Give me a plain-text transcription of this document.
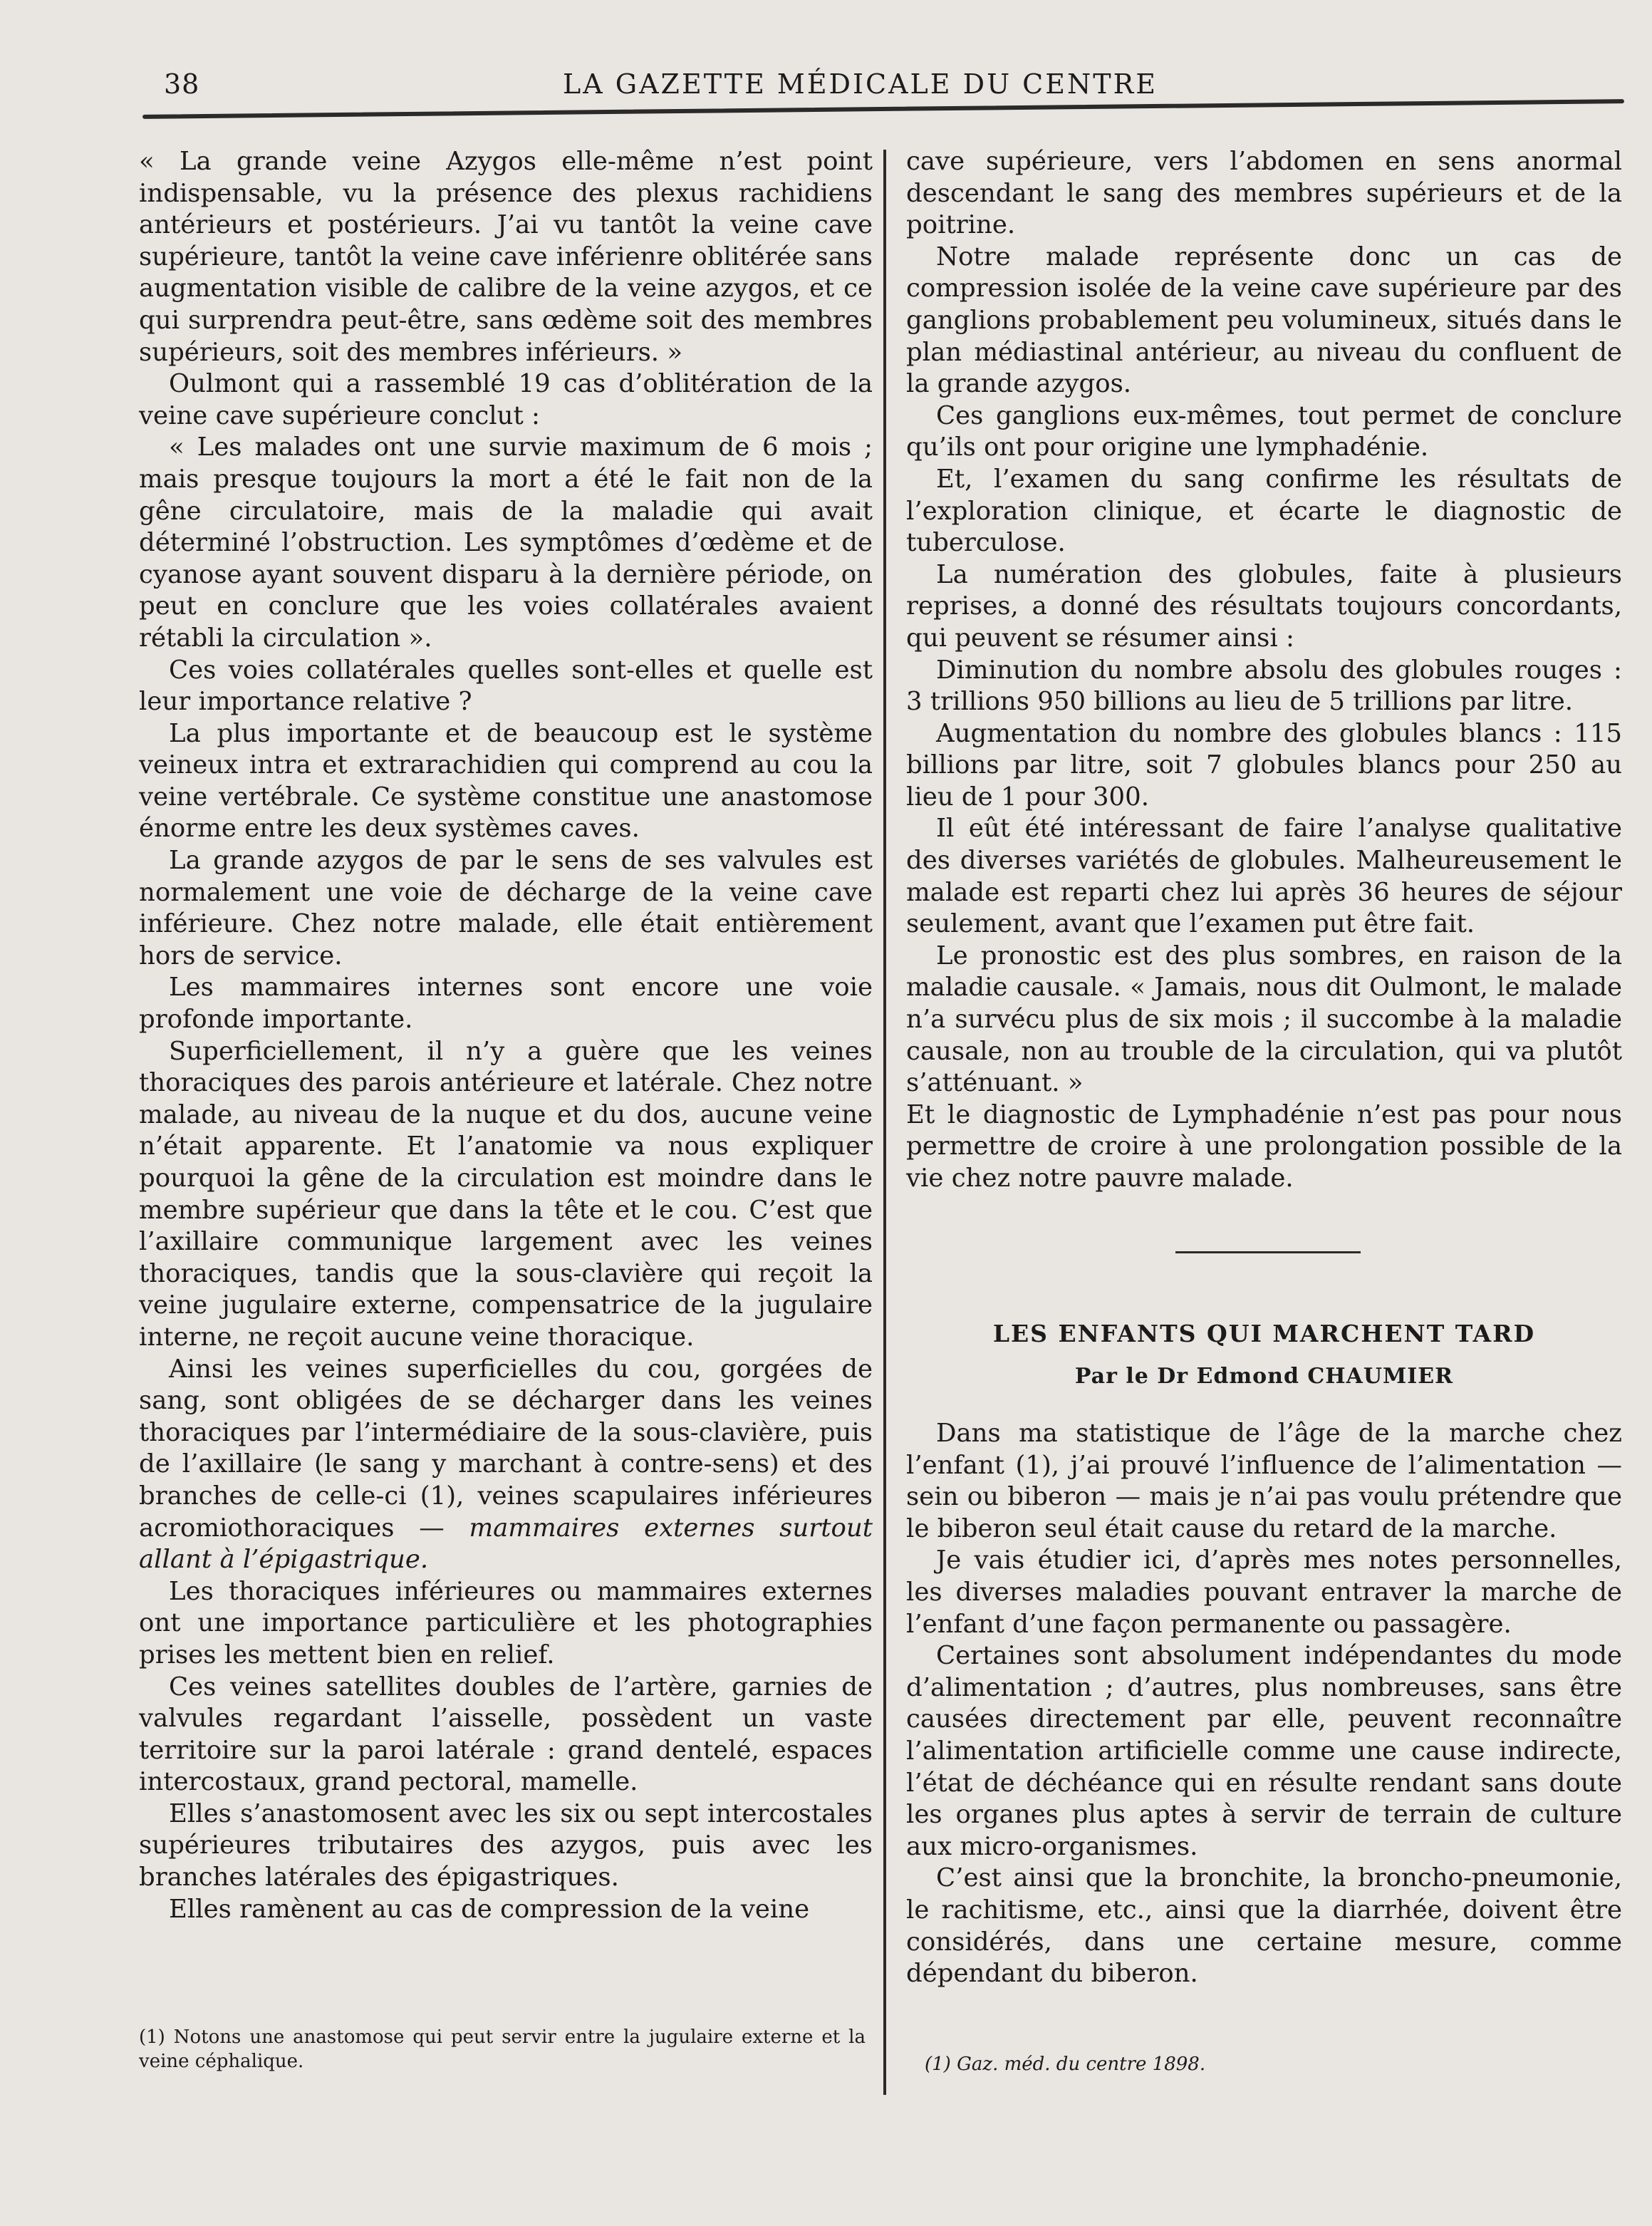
38	LA GAZETTE MÉDICALE DU CENTRE

« La grande veine Azygos elle-même n’est point indispensable, vu la présence des plexus rachidiens antérieurs et postérieurs. J’ai vu tantôt la veine cave supérieure, tantôt la veine cave inférienre oblitérée sans augmentation visible de calibre de la veine azygos, et ce qui surprendra peut-être, sans œdème soit des membres supérieurs, soit des membres inférieurs. »

Oulmont qui a rassemblé 19 cas d’oblitération de la veine cave supérieure conclut :

« Les malades ont une survie maximum de 6 mois ; mais presque toujours la mort a été le fait non de la gêne circulatoire, mais de la maladie qui avait déterminé l’obstruction. Les symptômes d’œdème et de cyanose ayant souvent disparu à la dernière période, on peut en conclure que les voies collatérales avaient rétabli la circulation ».

Ces voies collatérales quelles sont-elles et quelle est leur importance relative ?

La plus importante et de beaucoup est le système veineux intra et extrarachidien qui comprend au cou la veine vertébrale. Ce système constitue une anastomose énorme entre les deux systèmes caves.

La grande azygos de par le sens de ses valvules est normalement une voie de décharge de la veine cave inférieure. Chez notre malade, elle était entièrement hors de service.

Les mammaires internes sont encore une voie profonde importante.

Superficiellement, il n’y a guère que les veines thoraciques des parois antérieure et latérale. Chez notre malade, au niveau de la nuque et du dos, aucune veine n’était apparente. Et l’anatomie va nous expliquer pourquoi la gêne de la circulation est moindre dans le membre supérieur que dans la tête et le cou. C’est que l’axillaire communique largement avec les veines thoraciques, tandis que la sous-clavière qui reçoit la veine jugulaire externe, compensatrice de la jugulaire interne, ne reçoit aucune veine thoracique.

Ainsi les veines superficielles du cou, gorgées de sang, sont obligées de se décharger dans les veines thoraciques par l’intermédiaire de la sous-clavière, puis de l’axillaire (le sang y marchant à contre-sens) et des branches de celle-ci (1), veines scapulaires inférieures acromiothoraciques — mammaires externes surtout allant à l’épigastrique.

Les thoraciques inférieures ou mammaires externes ont une importance particulière et les photographies prises les mettent bien en relief.

Ces veines satellites doubles de l’artère, garnies de valvules regardant l’aisselle, possèdent un vaste territoire sur la paroi latérale : grand dentelé, espaces intercostaux, grand pectoral, mamelle.

Elles s’anastomosent avec les six ou sept intercostales supérieures tributaires des azygos, puis avec les branches latérales des épigastriques.

Elles ramènent au cas de compression de la veine

(1) Notons une anastomose qui peut servir entre la jugulaire externe et la veine céphalique.

cave supérieure, vers l’abdomen en sens anormal descendant le sang des membres supérieurs et de la poitrine.

Notre malade représente donc un cas de compression isolée de la veine cave supérieure par des ganglions probablement peu volumineux, situés dans le plan médiastinal antérieur, au niveau du confluent de la grande azygos.

Ces ganglions eux-mêmes, tout permet de conclure qu’ils ont pour origine une lymphadénie.

Et, l’examen du sang confirme les résultats de l’exploration clinique, et écarte le diagnostic de tuberculose.

La numération des globules, faite à plusieurs reprises, a donné des résultats toujours concordants, qui peuvent se résumer ainsi :

Diminution du nombre absolu des globules rouges : 3 trillions 950 billions au lieu de 5 trillions par litre.

Augmentation du nombre des globules blancs : 115 billions par litre, soit 7 globules blancs pour 250 au lieu de 1 pour 300.

Il eût été intéressant de faire l’analyse qualitative des diverses variétés de globules. Malheureusement le malade est reparti chez lui après 36 heures de séjour seulement, avant que l’examen put être fait.

Le pronostic est des plus sombres, en raison de la maladie causale. « Jamais, nous dit Oulmont, le malade n’a survécu plus de six mois ; il succombe à la maladie causale, non au trouble de la circulation, qui va plutôt s’atténuant. »

Et le diagnostic de Lymphadénie n’est pas pour nous permettre de croire à une prolongation possible de la vie chez notre pauvre malade.

LES ENFANTS QUI MARCHENT TARD
Par le Dr Edmond CHAUMIER

Dans ma statistique de l’âge de la marche chez l’enfant (1), j’ai prouvé l’influence de l’alimentation — sein ou biberon — mais je n’ai pas voulu prétendre que le biberon seul était cause du retard de la marche.

Je vais étudier ici, d’après mes notes personnelles, les diverses maladies pouvant entraver la marche de l’enfant d’une façon permanente ou passagère.

Certaines sont absolument indépendantes du mode d’alimentation ; d’autres, plus nombreuses, sans être causées directement par elle, peuvent reconnaître l’alimentation artificielle comme une cause indirecte, l’état de déchéance qui en résulte rendant sans doute les organes plus aptes à servir de terrain de culture aux micro-organismes.

C’est ainsi que la bronchite, la broncho-pneumonie, le rachitisme, etc., ainsi que la diarrhée, doivent être considérés, dans une certaine mesure, comme dépendant du biberon.

(1) Gaz. méd. du centre 1898.
